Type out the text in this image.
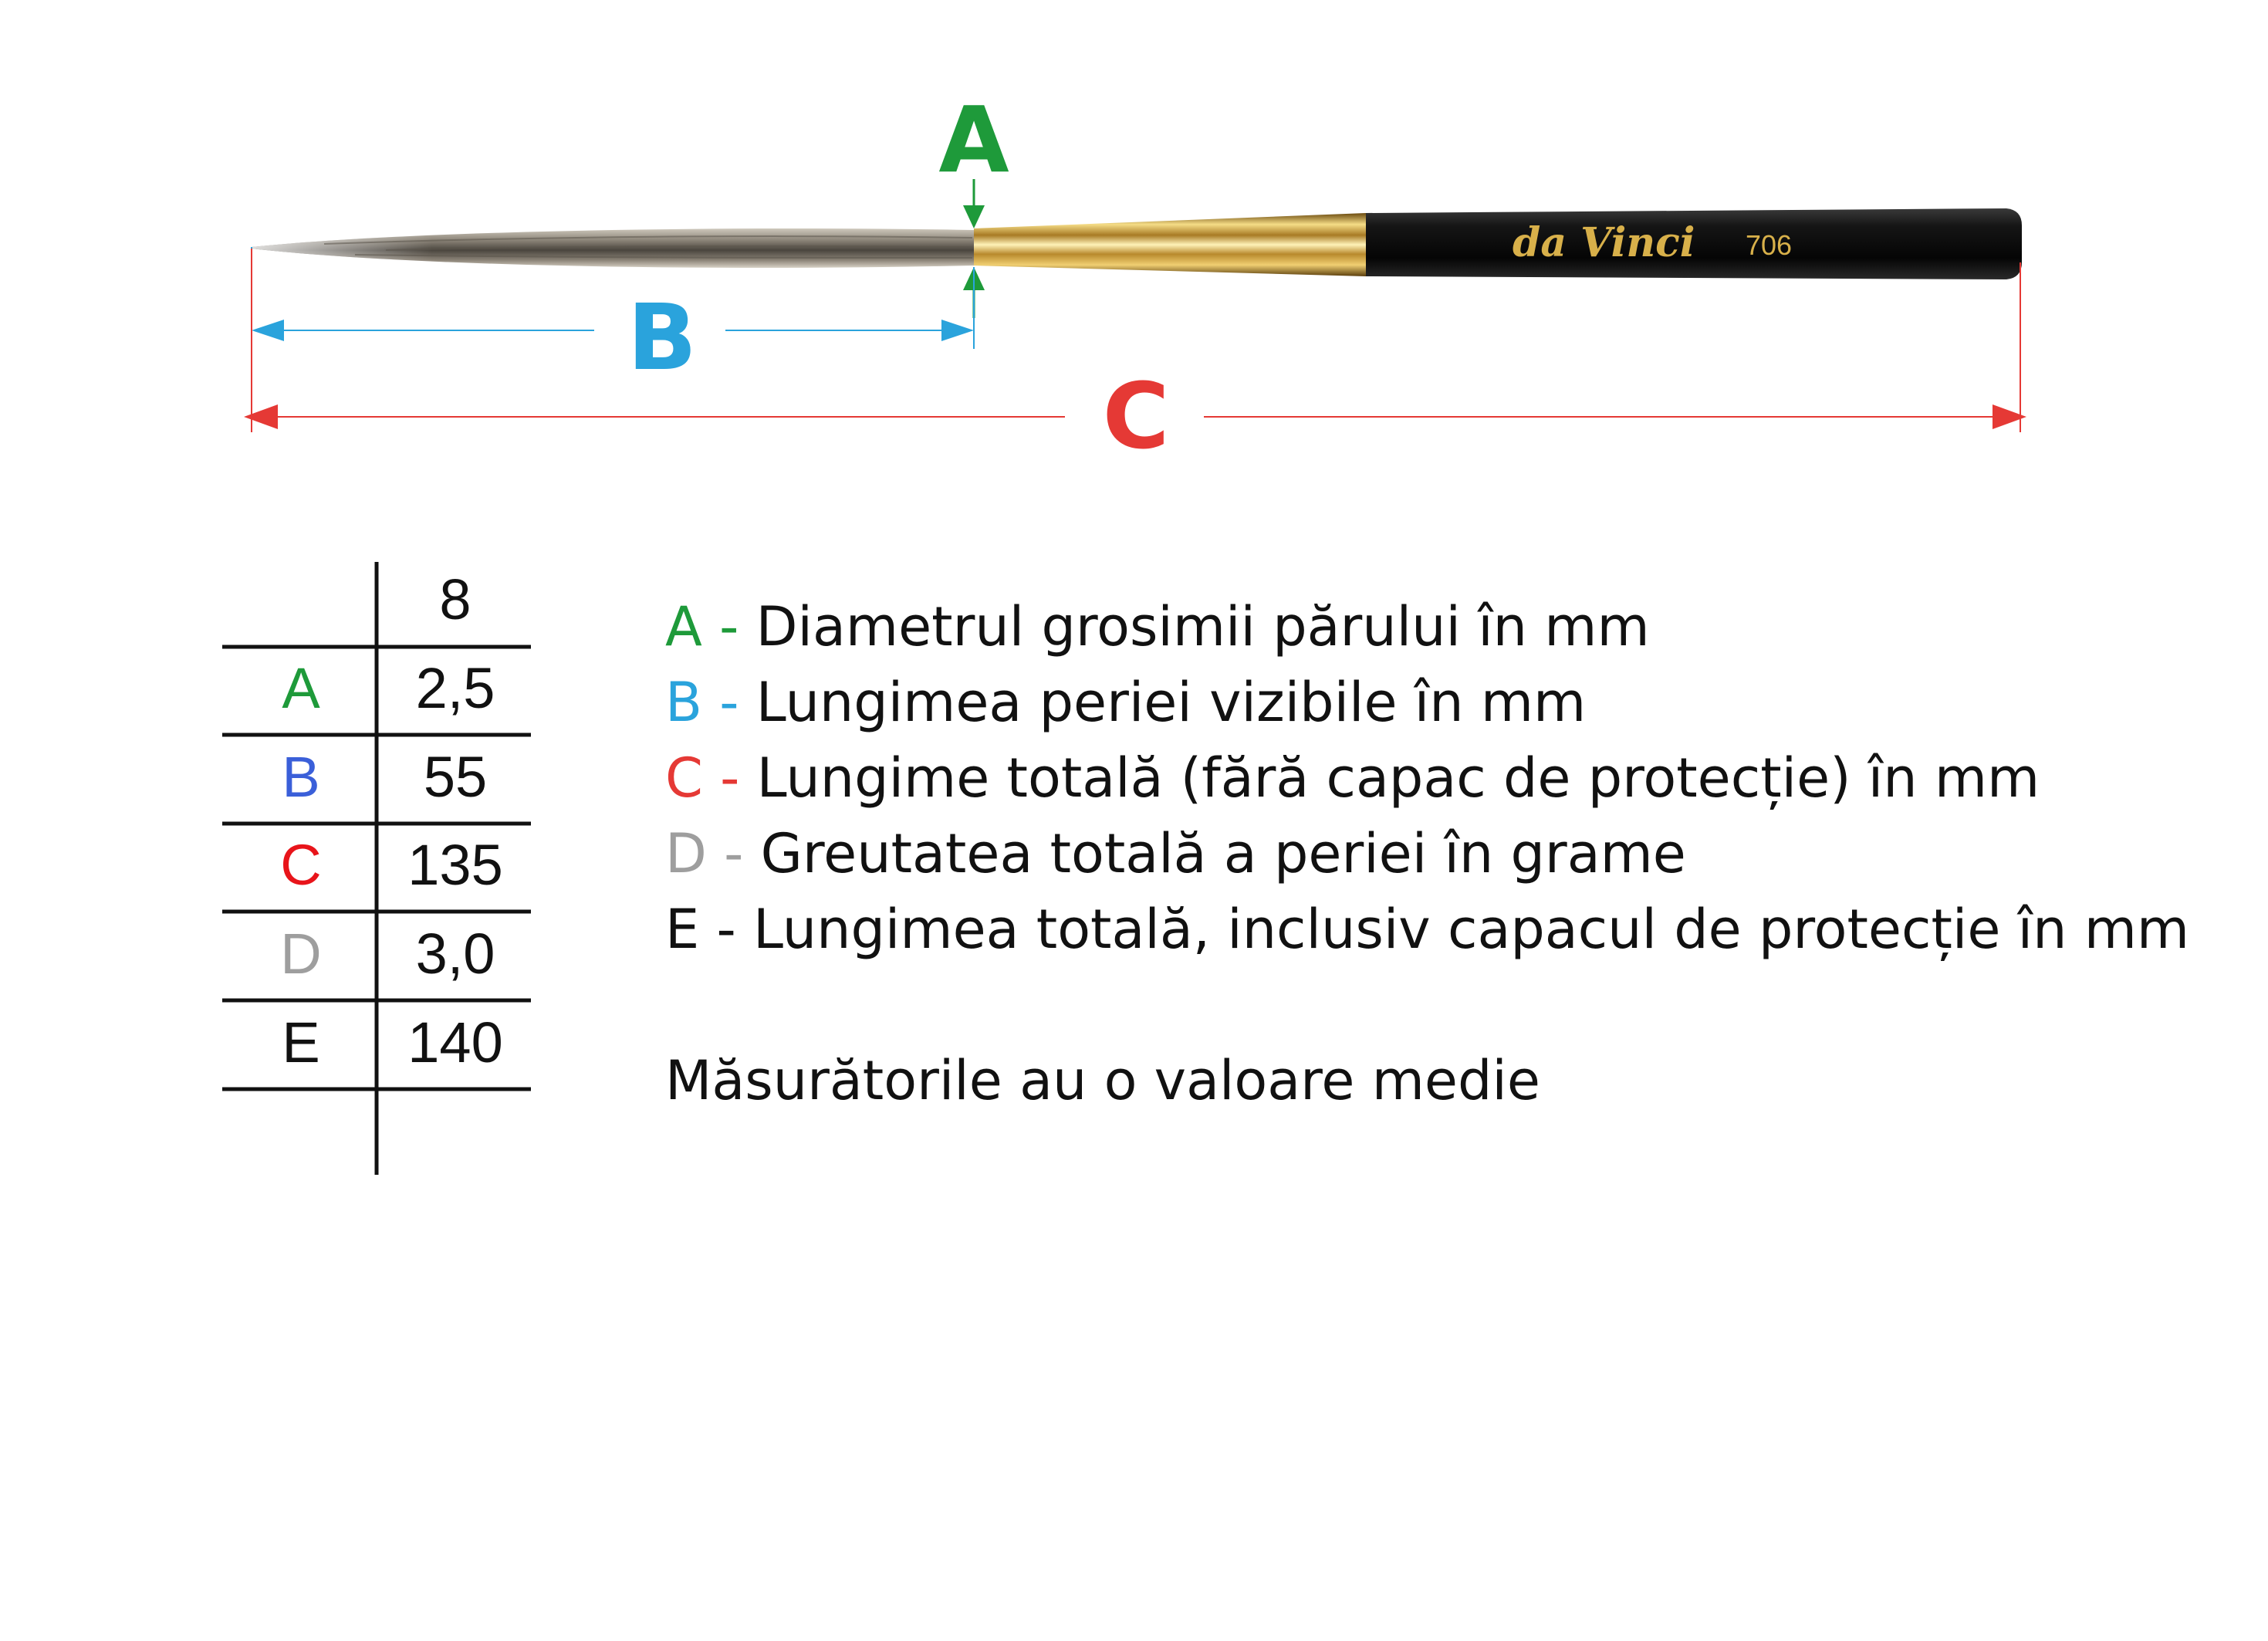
da Vinci 706
A
B
C
8
A 2,5
B 55
C 135
D 3,0
E 140
A - Diametrul grosimii părului în mm
B - Lungimea periei vizibile în mm
C - Lungime totală (fără capac de protecție) în mm
D - Greutatea totală a periei în grame
E - Lungimea totală, inclusiv capacul de protecție în mm
Măsurătorile au o valoare medie
